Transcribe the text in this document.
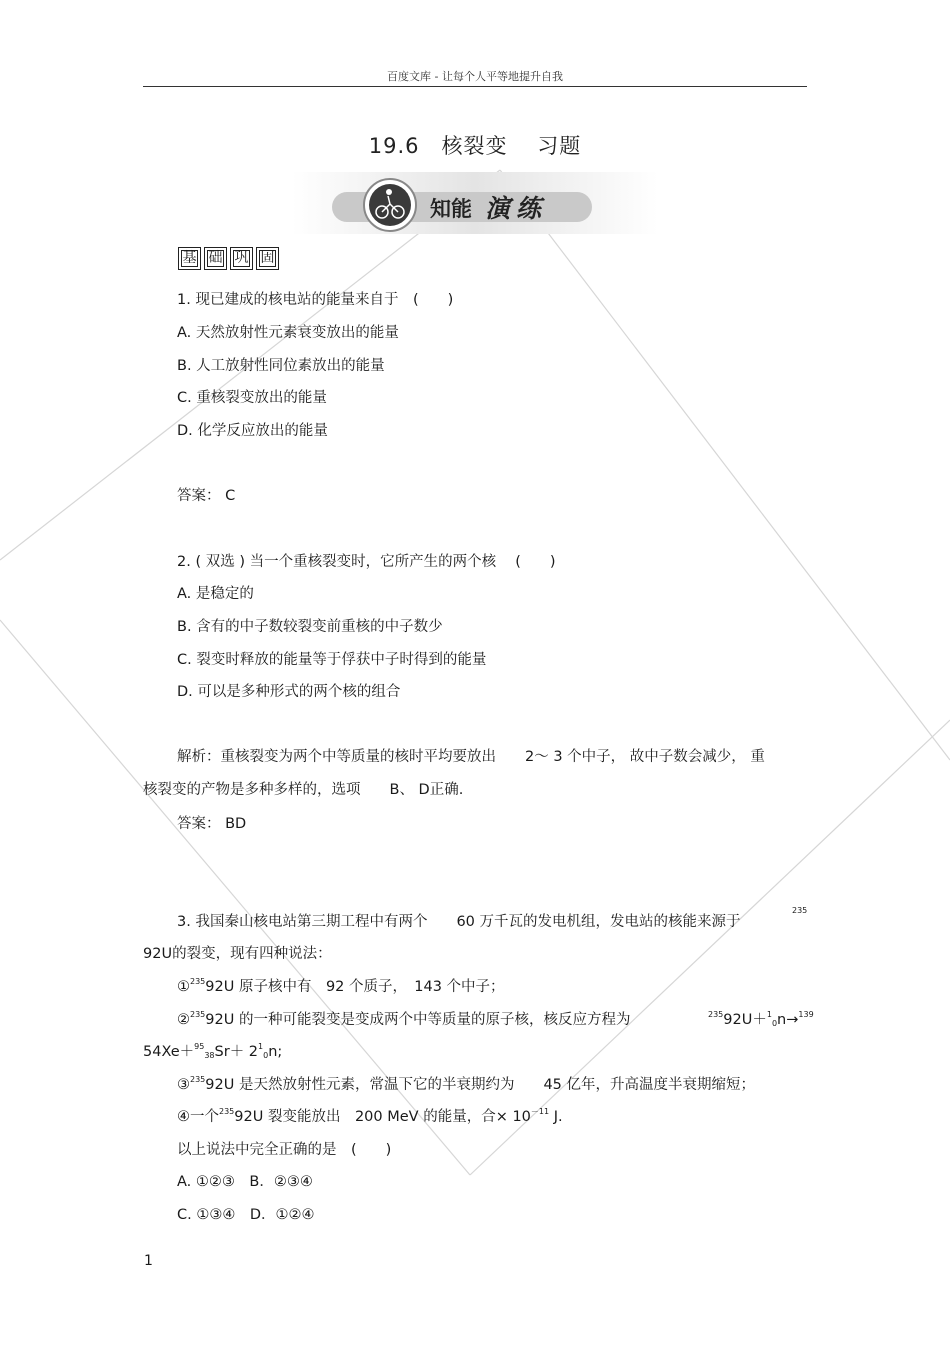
百度文库 - 让每个人平等地提升自我
19.6　核裂变　 习题
知能 演练
基 础 巩 固
1. 现已建成的核电站的能量来自于　(　　)
A. 天然放射性元素衰变放出的能量
B. 人工放射性同位素放出的能量
C. 重核裂变放出的能量
D. 化学反应放出的能量
答案： C
2. ( 双选 ) 当一个重核裂变时，它所产生的两个核　 (　　)
A. 是稳定的
B. 含有的中子数较裂变前重核的中子数少
C. 裂变时释放的能量等于俘获中子时得到的能量
D. 可以是多种形式的两个核的组合
解析：重核裂变为两个中等质量的核时平均要放出　　2～ 3 个中子， 故中子数会减少， 重
核裂变的产物是多种多样的，选项　　B、 D正确.
答案： BD
3. 我国秦山核电站第三期工程中有两个　　60 万千瓦的发电机组，发电站的核能来源于
235
92U的裂变，现有四种说法：
①$^{235}$92U 原子核中有　92 个质子，　143 个中子；
②$^{235}$92U 的一种可能裂变是变成两个中等质量的原子核，核反应方程为	$^{235}$92U＋$^1_0$n→$^{139}$
$54Xe+^{95}_{38}Sr+ 2^1_0n$;
③$^{235}$92U 是天然放射性元素，常温下它的半衰期约为　　45 亿年，升高温度半衰期缩短；
④一个$^{235}$92U 裂变能放出　200 MeV 的能量，合× $10^{-11}$ J.
以上说法中完全正确的是　(　　)
A. ①②③　B．②③④
C. ①③④　D．①②④
1
